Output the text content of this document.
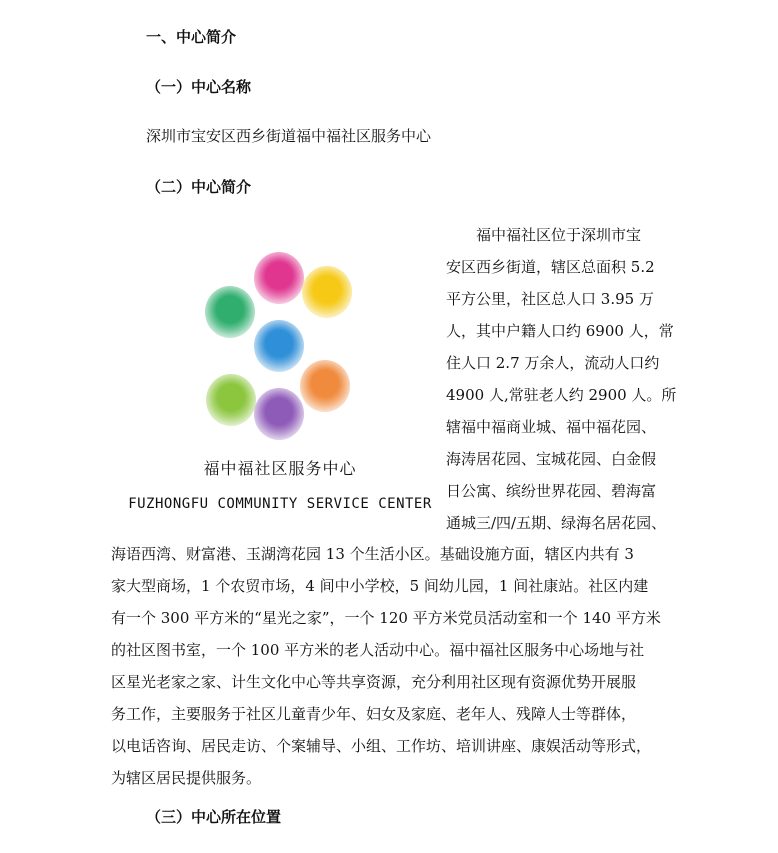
一、中心简介
（一）中心名称
深圳市宝安区西乡街道福中福社区服务中心
（二）中心简介
福中福社区服务中心
FUZHONGFU COMMUNITY SERVICE CENTER
　　福中福社区位于深圳市宝
安区西乡街道，辖区总面积 5.2
平方公里，社区总人口 3.95 万
人，其中户籍人口约 6900 人，常
住人口 2.7 万余人，流动人口约
4900 人,常驻老人约 2900 人。所
辖福中福商业城、福中福花园、
海涛居花园、宝城花园、白金假
日公寓、缤纷世界花园、碧海富
通城三/四/五期、绿海名居花园、
海语西湾、财富港、玉湖湾花园 13 个生活小区。基础设施方面，辖区内共有 3
家大型商场，1 个农贸市场，4 间中小学校，5 间幼儿园，1 间社康站。社区内建
有一个 300 平方米的“星光之家”，一个 120 平方米党员活动室和一个 140 平方米
的社区图书室，一个 100 平方米的老人活动中心。福中福社区服务中心场地与社
区星光老家之家、计生文化中心等共享资源，充分利用社区现有资源优势开展服
务工作，主要服务于社区儿童青少年、妇女及家庭、老年人、残障人士等群体，
以电话咨询、居民走访、个案辅导、小组、工作坊、培训讲座、康娱活动等形式，
为辖区居民提供服务。
（三）中心所在位置
